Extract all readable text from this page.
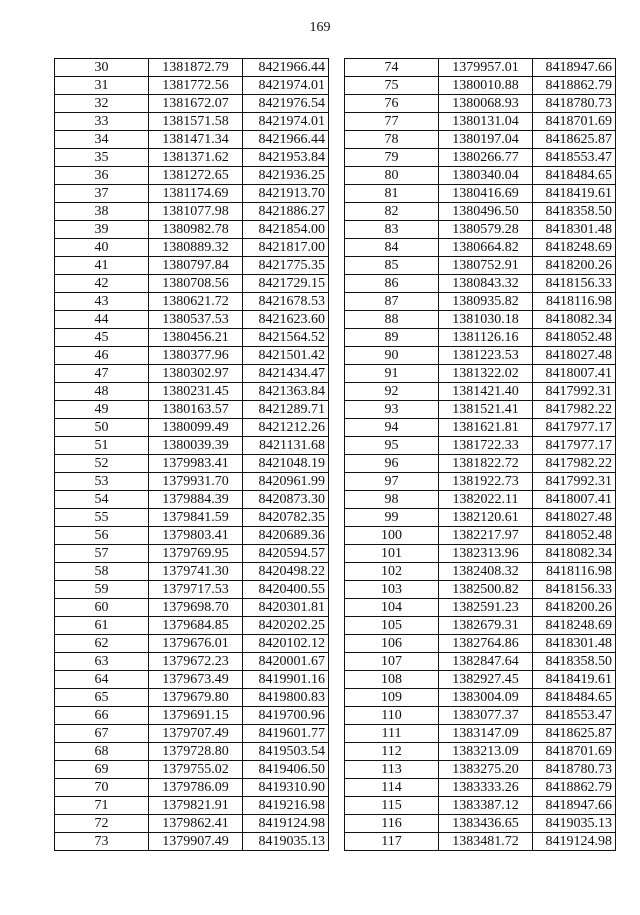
169
30	1381872.79	8421966.44
31	1381772.56	8421974.01
32	1381672.07	8421976.54
33	1381571.58	8421974.01
34	1381471.34	8421966.44
35	1381371.62	8421953.84
36	1381272.65	8421936.25
37	1381174.69	8421913.70
38	1381077.98	8421886.27
39	1380982.78	8421854.00
40	1380889.32	8421817.00
41	1380797.84	8421775.35
42	1380708.56	8421729.15
43	1380621.72	8421678.53
44	1380537.53	8421623.60
45	1380456.21	8421564.52
46	1380377.96	8421501.42
47	1380302.97	8421434.47
48	1380231.45	8421363.84
49	1380163.57	8421289.71
50	1380099.49	8421212.26
51	1380039.39	8421131.68
52	1379983.41	8421048.19
53	1379931.70	8420961.99
54	1379884.39	8420873.30
55	1379841.59	8420782.35
56	1379803.41	8420689.36
57	1379769.95	8420594.57
58	1379741.30	8420498.22
59	1379717.53	8420400.55
60	1379698.70	8420301.81
61	1379684.85	8420202.25
62	1379676.01	8420102.12
63	1379672.23	8420001.67
64	1379673.49	8419901.16
65	1379679.80	8419800.83
66	1379691.15	8419700.96
67	1379707.49	8419601.77
68	1379728.80	8419503.54
69	1379755.02	8419406.50
70	1379786.09	8419310.90
71	1379821.91	8419216.98
72	1379862.41	8419124.98
73	1379907.49	8419035.13
74	1379957.01	8418947.66
75	1380010.88	8418862.79
76	1380068.93	8418780.73
77	1380131.04	8418701.69
78	1380197.04	8418625.87
79	1380266.77	8418553.47
80	1380340.04	8418484.65
81	1380416.69	8418419.61
82	1380496.50	8418358.50
83	1380579.28	8418301.48
84	1380664.82	8418248.69
85	1380752.91	8418200.26
86	1380843.32	8418156.33
87	1380935.82	8418116.98
88	1381030.18	8418082.34
89	1381126.16	8418052.48
90	1381223.53	8418027.48
91	1381322.02	8418007.41
92	1381421.40	8417992.31
93	1381521.41	8417982.22
94	1381621.81	8417977.17
95	1381722.33	8417977.17
96	1381822.72	8417982.22
97	1381922.73	8417992.31
98	1382022.11	8418007.41
99	1382120.61	8418027.48
100	1382217.97	8418052.48
101	1382313.96	8418082.34
102	1382408.32	8418116.98
103	1382500.82	8418156.33
104	1382591.23	8418200.26
105	1382679.31	8418248.69
106	1382764.86	8418301.48
107	1382847.64	8418358.50
108	1382927.45	8418419.61
109	1383004.09	8418484.65
110	1383077.37	8418553.47
111	1383147.09	8418625.87
112	1383213.09	8418701.69
113	1383275.20	8418780.73
114	1383333.26	8418862.79
115	1383387.12	8418947.66
116	1383436.65	8419035.13
117	1383481.72	8419124.98
